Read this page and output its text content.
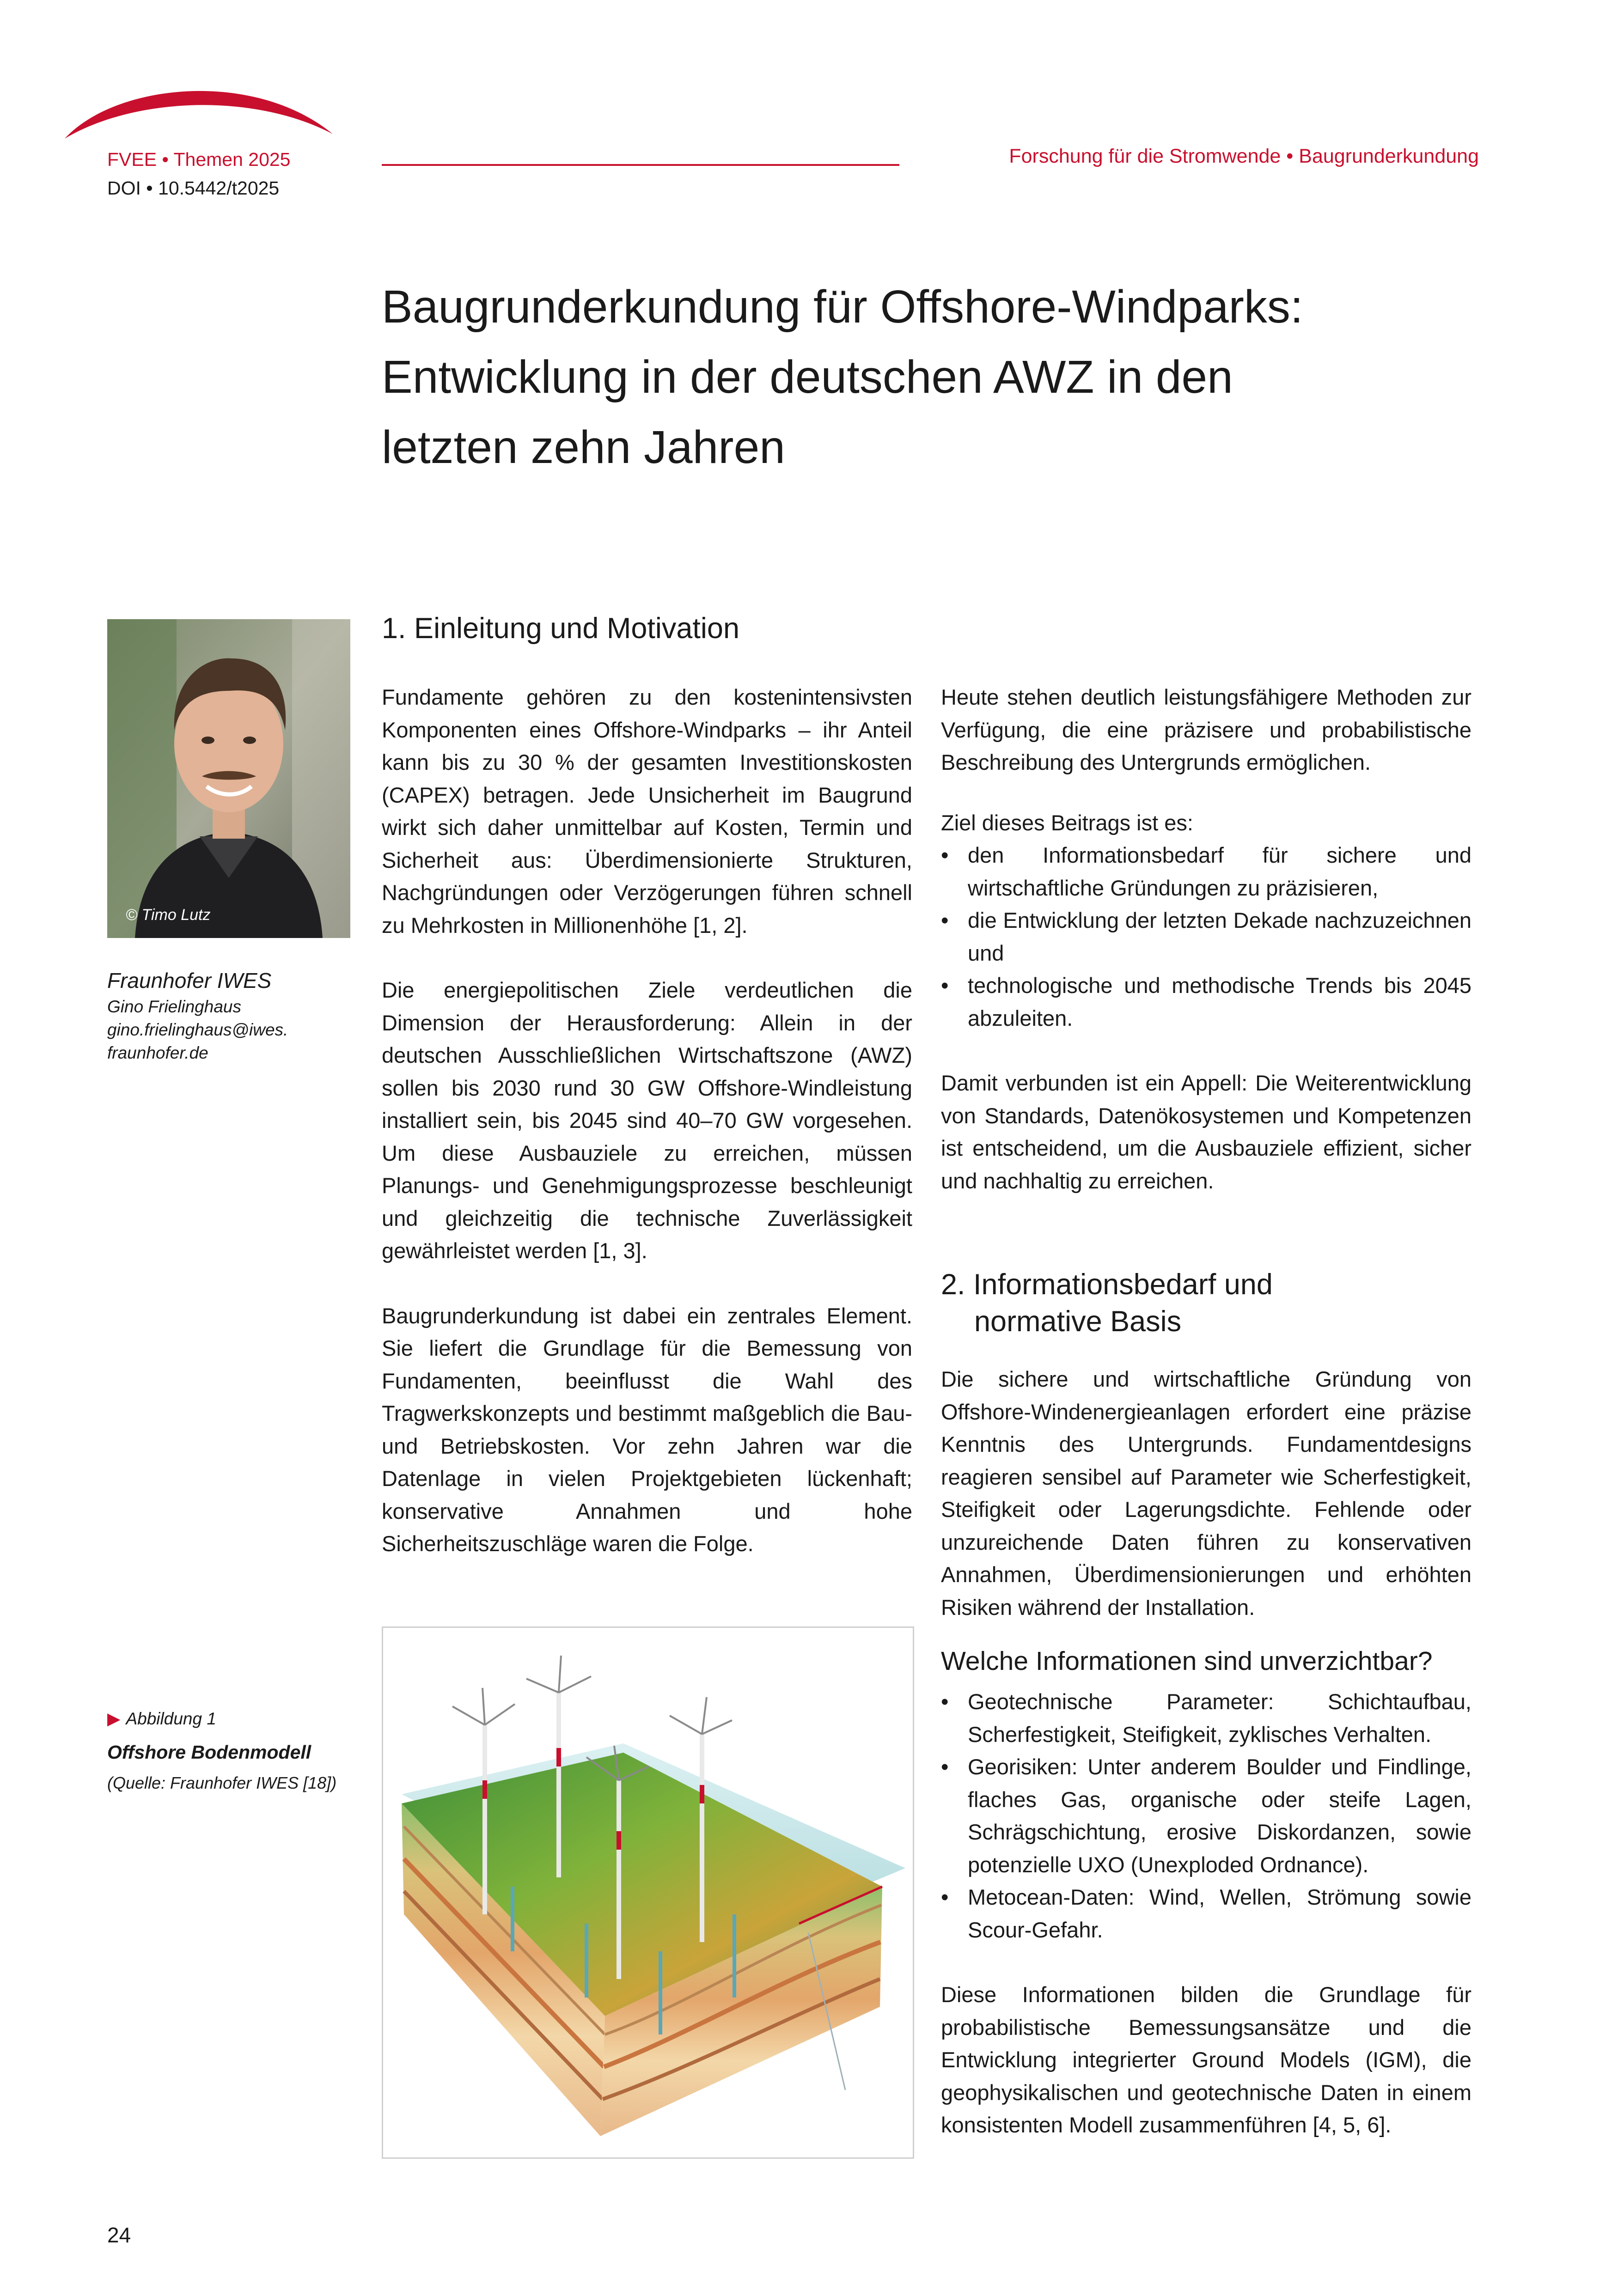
FVEE • Themen 2025
DOI • 10.5442/t2025
Forschung für die Stromwende • Baugrunderkundung
Baugrunderkundung für Offshore-Windparks:
Entwicklung in der deutschen AWZ in den
letzten zehn Jahren
© Timo Lutz
Fraunhofer IWES
Gino Frielinghaus
gino.frielinghaus@iwes.
fraunhofer.de
1. Einleitung und Motivation

Fundamente gehören zu den kostenintensivsten Komponenten eines Offshore-Windparks – ihr Anteil kann bis zu 30 % der gesamten Investitionskosten (CAPEX) betragen. Jede Unsicherheit im Baugrund wirkt sich daher unmittelbar auf Kosten, Termin und Sicherheit aus: Überdimensionierte Strukturen, Nachgründungen oder Verzögerungen führen schnell zu Mehrkosten in Millionenhöhe [1, 2].

Die energiepolitischen Ziele verdeutlichen die Dimension der Herausforderung: Allein in der deutschen Ausschließlichen Wirtschaftszone (AWZ) sollen bis 2030 rund 30 GW Offshore-Windleistung installiert sein, bis 2045 sind 40–70 GW vorgesehen. Um diese Ausbauziele zu erreichen, müssen Planungs- und Genehmigungsprozesse beschleunigt und gleichzeitig die technische Zuverlässigkeit gewährleistet werden [1, 3].

Baugrunderkundung ist dabei ein zentrales Element. Sie liefert die Grundlage für die Bemessung von Fundamenten, beeinflusst die Wahl des Tragwerkskonzepts und bestimmt maßgeblich die Bau- und Betriebskosten. Vor zehn Jahren war die Datenlage in vielen Projektgebieten lückenhaft; konservative Annahmen und hohe Sicherheitszuschläge waren die Folge.

Heute stehen deutlich leistungsfähigere Methoden zur Verfügung, die eine präzisere und probabilistische Beschreibung des Untergrunds ermöglichen.

Ziel dieses Beitrags ist es:
• den Informationsbedarf für sichere und wirtschaftliche Gründungen zu präzisieren,
• die Entwicklung der letzten Dekade nachzuzeichnen und
• technologische und methodische Trends bis 2045 abzuleiten.

Damit verbunden ist ein Appell: Die Weiterentwicklung von Standards, Datenökosystemen und Kompetenzen ist entscheidend, um die Ausbauziele effizient, sicher und nachhaltig zu erreichen.

2. Informationsbedarf und
normative Basis

Die sichere und wirtschaftliche Gründung von Offshore-Windenergieanlagen erfordert eine präzise Kenntnis des Untergrunds. Fundamentdesigns reagieren sensibel auf Parameter wie Scherfestigkeit, Steifigkeit oder Lagerungsdichte. Fehlende oder unzureichende Daten führen zu konservativen Annahmen, Überdimensionierungen und erhöhten Risiken während der Installation.

Welche Informationen sind unverzichtbar?
• Geotechnische Parameter: Schichtaufbau, Scherfestigkeit, Steifigkeit, zyklisches Verhalten.
• Georisiken: Unter anderem Boulder und Findlinge, flaches Gas, organische oder steife Lagen, Schrägschichtung, erosive Diskordanzen, sowie potenzielle UXO (Unexploded Ordnance).
• Metocean-Daten: Wind, Wellen, Strömung sowie Scour-Gefahr.

Diese Informationen bilden die Grundlage für probabilistische Bemessungsansätze und die Entwicklung integrierter Ground Models (IGM), die geophysikalischen und geotechnische Daten in einem konsistenten Modell zusammenführen [4, 5, 6].

▶ Abbildung 1
Offshore Bodenmodell
(Quelle: Fraunhofer IWES [18])
24
